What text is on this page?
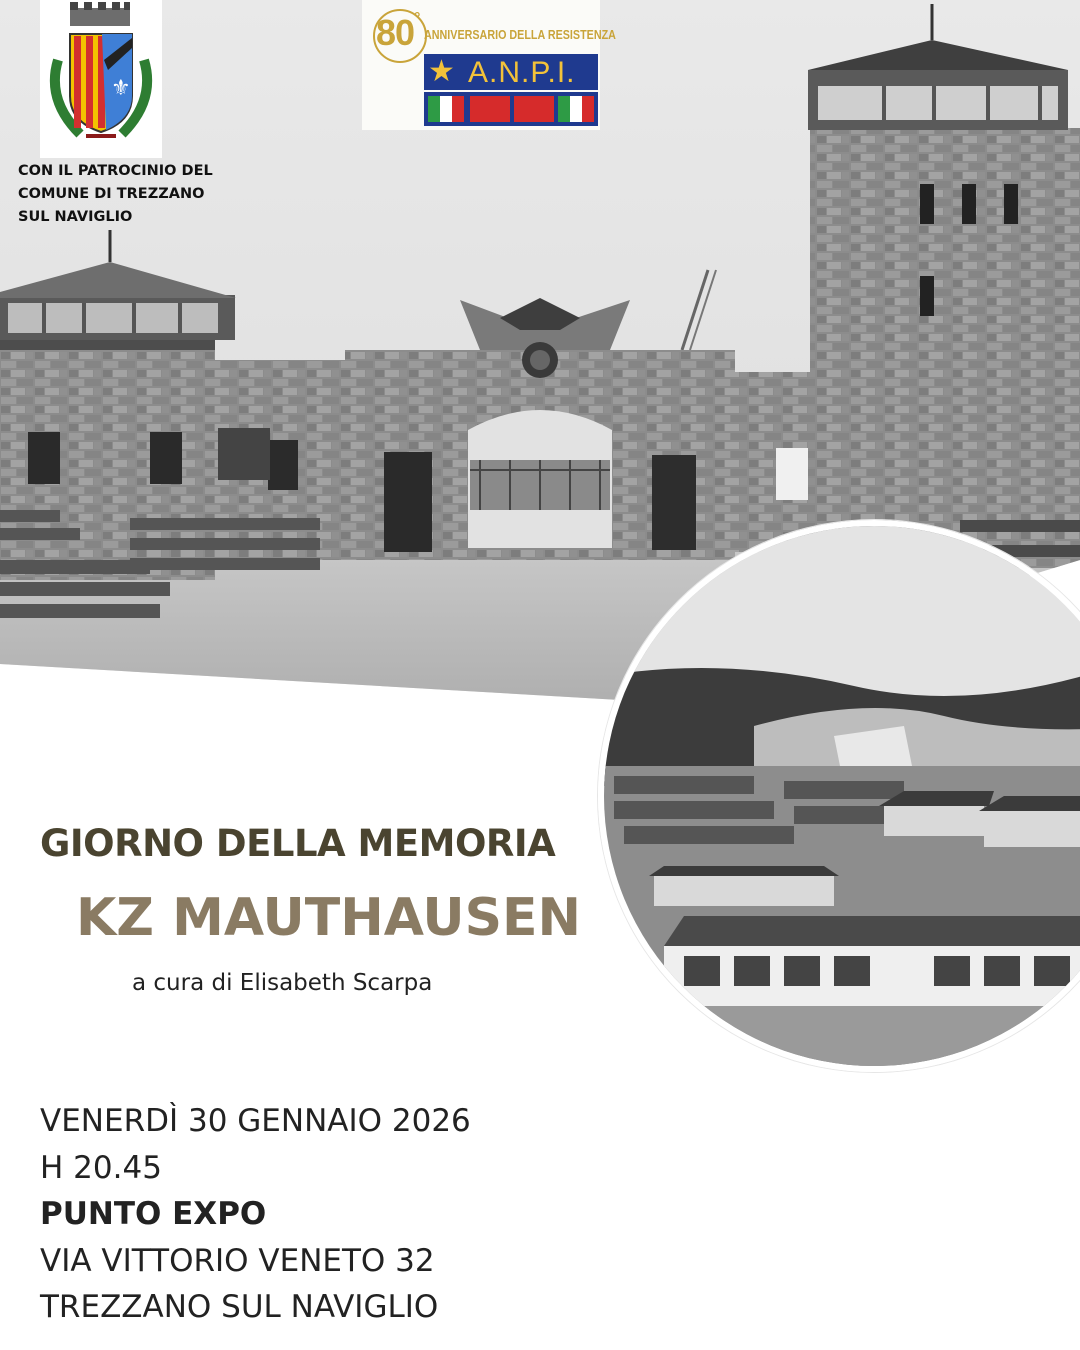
⚜
CON IL PATROCINIO DEL
COMUNE DI TREZZANO
SUL NAVIGLIO
80 °
ANNIVERSARIO DELLA RESISTENZA
★ A.N.P.I.
GIORNO DELLA MEMORIA
KZ MAUTHAUSEN
a cura di Elisabeth Scarpa
VENERDÌ 30 GENNAIO 2026
H 20.45
PUNTO EXPO
VIA VITTORIO VENETO 32
TREZZANO SUL NAVIGLIO
